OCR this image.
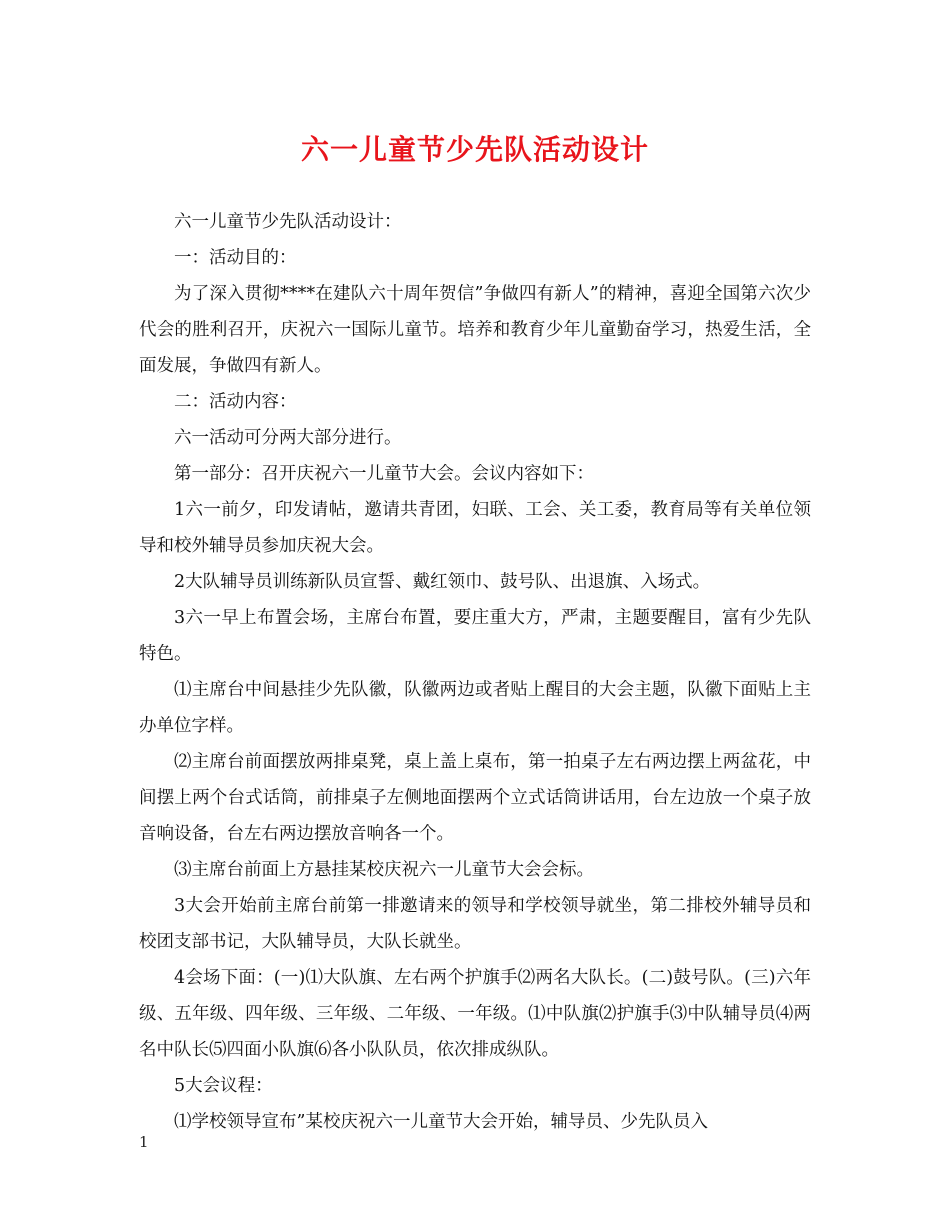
六一儿童节少先队活动设计

六一儿童节少先队活动设计：

一：活动目的：

为了深入贯彻****在建队六十周年贺信”争做四有新人”的精神，喜迎全国第六次少代会的胜利召开，庆祝六一国际儿童节。培养和教育少年儿童勤奋学习，热爱生活，全面发展，争做四有新人。

二：活动内容：

六一活动可分两大部分进行。

第一部分：召开庆祝六一儿童节大会。会议内容如下：

1六一前夕，印发请帖，邀请共青团，妇联、工会、关工委，教育局等有关单位领导和校外辅导员参加庆祝大会。

2大队辅导员训练新队员宣誓、戴红领巾、鼓号队、出退旗、入场式。

3六一早上布置会场，主席台布置，要庄重大方，严肃，主题要醒目，富有少先队特色。

⑴主席台中间悬挂少先队徽，队徽两边或者贴上醒目的大会主题，队徽下面贴上主办单位字样。

⑵主席台前面摆放两排桌凳，桌上盖上桌布，第一拍桌子左右两边摆上两盆花，中间摆上两个台式话筒，前排桌子左侧地面摆两个立式话筒讲话用，台左边放一个桌子放音响设备，台左右两边摆放音响各一个。

⑶主席台前面上方悬挂某校庆祝六一儿童节大会会标。

3大会开始前主席台前第一排邀请来的领导和学校领导就坐，第二排校外辅导员和校团支部书记，大队辅导员，大队长就坐。

4会场下面：(一)⑴大队旗、左右两个护旗手⑵两名大队长。(二)鼓号队。(三)六年级、五年级、四年级、三年级、二年级、一年级。⑴中队旗⑵护旗手⑶中队辅导员⑷两名中队长⑸四面小队旗⑹各小队队员，依次排成纵队。

5大会议程：

⑴学校领导宣布”某校庆祝六一儿童节大会开始，辅导员、少先队员入

1
